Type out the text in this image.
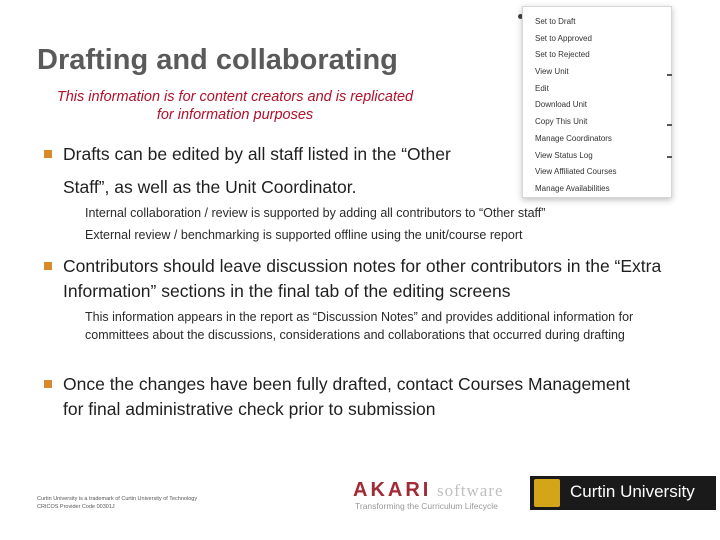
Drafting and collaborating
This information is for content creators and is replicated for information purposes
Set to Draft
Set to Approved
Set to Rejected
View Unit
Edit
Download Unit
Copy This Unit
Manage Coordinators
View Status Log
View Affiliated Courses
Manage Availabilities
Drafts can be edited by all staff listed in the “Other
Staff”, as well as the Unit Coordinator.
Internal collaboration / review is supported by adding all contributors to “Other staff”
External review / benchmarking is supported offline using the unit/course report
Contributors should leave discussion notes for other contributors in the “Extra Information” sections in the final tab of the editing screens
This information appears in the report as “Discussion Notes” and provides additional information for committees about the discussions, considerations and collaborations that occurred during drafting
Once the changes have been fully drafted, contact Courses Management for final administrative check prior to submission
Curtin University is a trademark of Curtin University of Technology
CRICOS Provider Code 00301J
AKARI software
Transforming the Curriculum Lifecycle
Curtin University
